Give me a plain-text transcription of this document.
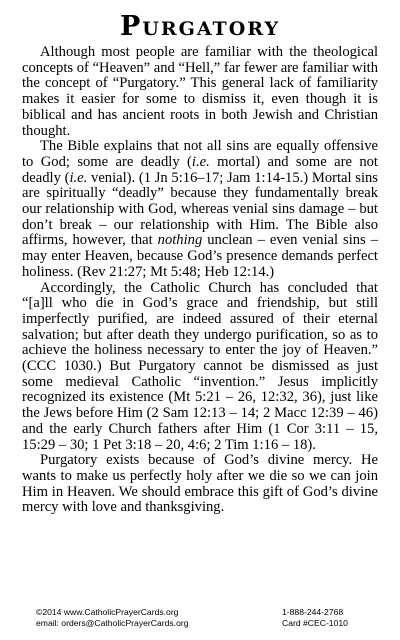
Purgatory

Although most people are familiar with the theological concepts of “Heaven” and “Hell,” far fewer are familiar with the concept of “Purgatory.” This general lack of familiarity makes it easier for some to dismiss it, even though it is biblical and has ancient roots in both Jewish and Christian thought.

The Bible explains that not all sins are equally offensive to God; some are deadly (i.e. mortal) and some are not deadly (i.e. venial). (1 Jn 5:16–17; Jam 1:14-15.) Mortal sins are spiritually “deadly” because they fundamentally break our relationship with God, whereas venial sins damage – but don’t break – our relationship with Him. The Bible also affirms, however, that nothing unclean – even venial sins – may enter Heaven, because God’s presence demands perfect holiness. (Rev 21:27; Mt 5:48; Heb 12:14.)

Accordingly, the Catholic Church has concluded that “[a]ll who die in God’s grace and friendship, but still imperfectly purified, are indeed assured of their eternal salvation; but after death they undergo purification, so as to achieve the holiness necessary to enter the joy of Heaven.” (CCC 1030.) But Purgatory cannot be dismissed as just some medieval Catholic “invention.” Jesus implicitly recognized its existence (Mt 5:21 – 26, 12:32, 36), just like the Jews before Him (2 Sam 12:13 – 14; 2 Macc 12:39 – 46) and the early Church fathers after Him (1 Cor 3:11 – 15, 15:29 – 30; 1 Pet 3:18 – 20, 4:6; 2 Tim 1:16 – 18).

Purgatory exists because of God’s divine mercy. He wants to make us perfectly holy after we die so we can join Him in Heaven. We should embrace this gift of God’s divine mercy with love and thanksgiving.

©2014 www.CatholicPrayerCards.org	1-888-244-2768
email: orders@CatholicPrayerCards.org	Card #CEC-1010
